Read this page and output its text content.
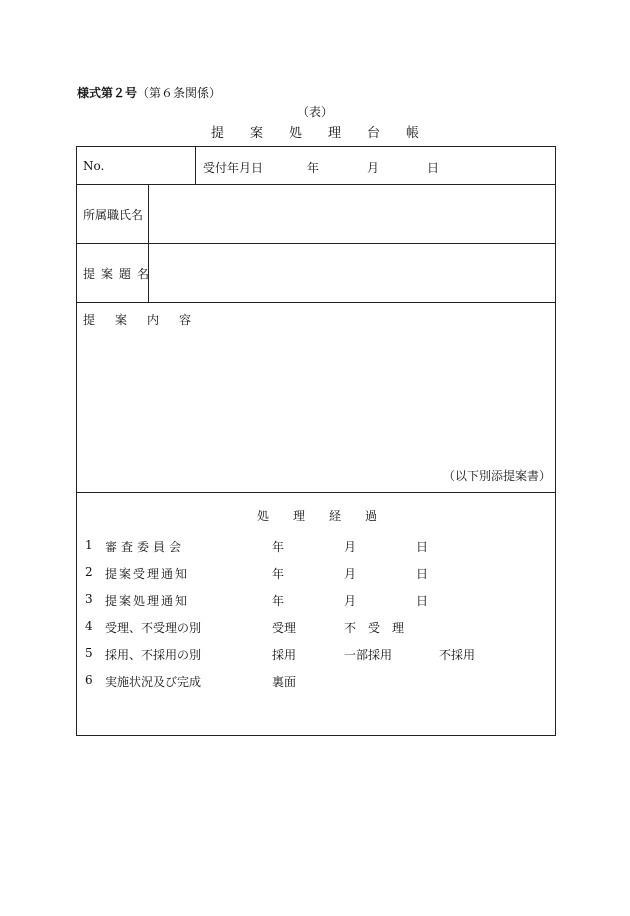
様式第２号（第６条関係）
（表）
提 案 処 理 台 帳
No.	受付年月日	年	月	日
所属職氏名
提案題名
提案内容
（以下別添提案書）
処理経過
1 審査委員会	年	月	日
2 提案受理通知	年	月	日
3 提案処理通知	年	月	日
4 受理、不受理の別	受理	不　受　理
5 採用、不採用の別	採用	一部採用	不採用
6 実施状況及び完成	裏面
